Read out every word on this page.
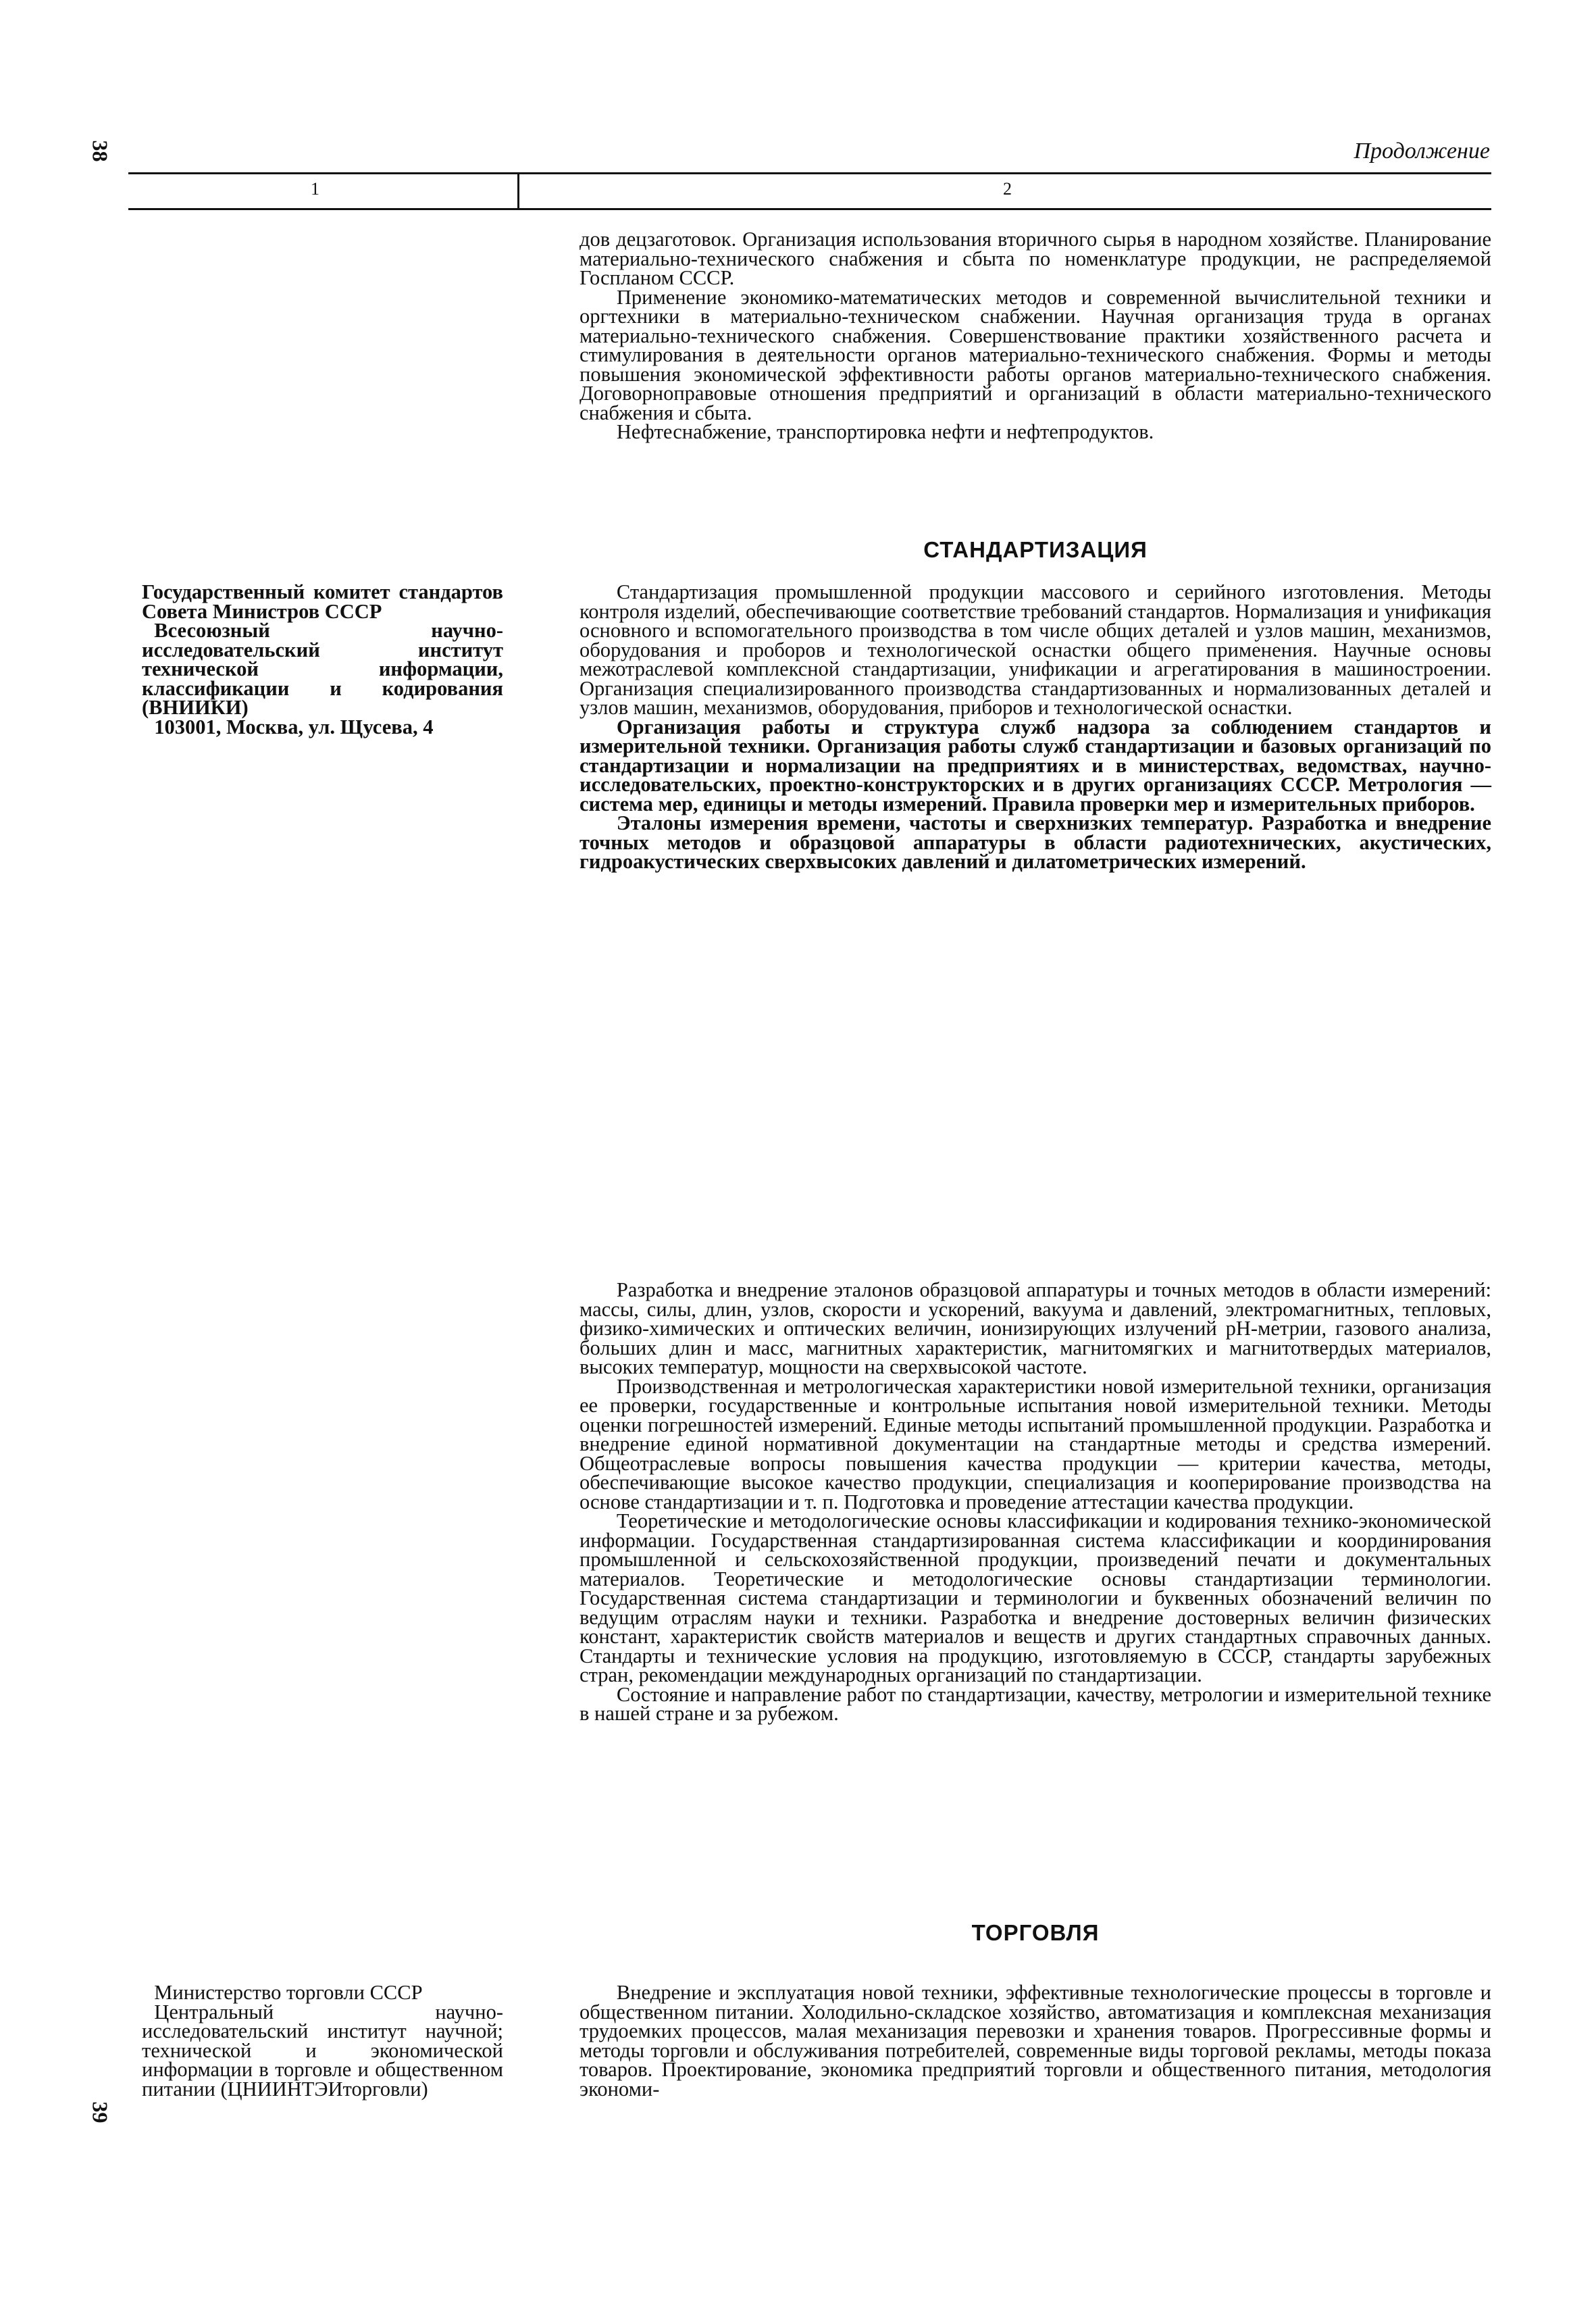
38
39
Продолжение
1	2

дов децзаготовок. Организация использования вторичного сырья в народном хозяйстве. Планирование материально-технического снабжения и сбыта по номенклатуре продукции, не распределяемой Госпланом СССР.

Применение экономико-математических методов и современной вычислительной техники и оргтехники в материально-техническом снабжении. Научная организация труда в органах материально-технического снабжения. Совершенствование практики хозяйственного расчета и стимулирования в деятельности органов материально-технического снабжения. Формы и методы повышения экономической эффективности работы органов материально-технического снабжения. Договорноправовые отношения предприятий и организаций в области материально-технического снабжения и сбыта.

Нефтеснабжение, транспортировка нефти и нефтепродуктов.

СТАНДАРТИЗАЦИЯ

Государственный комитет стандартов Совета Министров СССР

Всесоюзный научно-исследовательский институт технической информации, классификации и кодирования (ВНИИКИ)

103001, Москва, ул. Щусева, 4

Стандартизация промышленной продукции массового и серийного изготовления. Методы контроля изделий, обеспечивающие соответствие требований стандартов. Нормализация и унификация основного и вспомогательного производства в том числе общих деталей и узлов машин, механизмов, оборудования и проборов и технологической оснастки общего применения. Научные основы межотраслевой комплексной стандартизации, унификации и агрегатирования в машиностроении. Организация специализированного производства стандартизованных и нормализованных деталей и узлов машин, механизмов, оборудования, приборов и технологической оснастки.

Организация работы и структура служб надзора за соблюдением стандартов и измерительной техники. Организация работы служб стандартизации и базовых организаций по стандартизации и нормализации на предприятиях и в министерствах, ведомствах, научно-исследовательских, проектно-конструкторских и в других организациях СССР. Метрология — система мер, единицы и методы измерений. Правила проверки мер и измерительных приборов.

Эталоны измерения времени, частоты и сверхнизких температур. Разработка и внедрение точных методов и образцовой аппаратуры в области радиотехнических, акустических, гидроакустических сверхвысоких давлений и дилатометрических измерений.

Разработка и внедрение эталонов образцовой аппаратуры и точных методов в области измерений: массы, силы, длин, узлов, скорости и ускорений, вакуума и давлений, электромагнитных, тепловых, физико-химических и оптических величин, ионизирующих излучений pH-метрии, газового анализа, больших длин и масс, магнитных характеристик, магнитомягких и магнитотвердых материалов, высоких температур, мощности на сверхвысокой частоте.

Производственная и метрологическая характеристики новой измерительной техники, организация ее проверки, государственные и контрольные испытания новой измерительной техники. Методы оценки погрешностей измерений. Единые методы испытаний промышленной продукции. Разработка и внедрение единой нормативной документации на стандартные методы и средства измерений. Общеотраслевые вопросы повышения качества продукции — критерии качества, методы, обеспечивающие высокое качество продукции, специализация и кооперирование производства на основе стандартизации и т. п. Подготовка и проведение аттестации качества продукции.

Теоретические и методологические основы классификации и кодирования технико-экономической информации. Государственная стандартизированная система классификации и координирования промышленной и сельскохозяйственной продукции, произведений печати и документальных материалов. Теоретические и методологические основы стандартизации терминологии. Государственная система стандартизации и терминологии и буквенных обозначений величин по ведущим отраслям науки и техники. Разработка и внедрение достоверных величин физических констант, характеристик свойств материалов и веществ и других стандартных справочных данных. Стандарты и технические условия на продукцию, изготовляемую в СССР, стандарты зарубежных стран, рекомендации международных организаций по стандартизации.

Состояние и направление работ по стандартизации, качеству, метрологии и измерительной технике в нашей стране и за рубежом.

ТОРГОВЛЯ

Министерство торговли СССР

Центральный научно-исследовательский институт научной; технической и экономической информации в торговле и общественном питании (ЦНИИНТЭИторговли)

Внедрение и эксплуатация новой техники, эффективные технологические процессы в торговле и общественном питании. Холодильно-складское хозяйство, автоматизация и комплексная механизация трудоемких процессов, малая механизация перевозки и хранения товаров. Прогрессивные формы и методы торговли и обслуживания потребителей, современные виды торговой рекламы, методы показа товаров. Проектирование, экономика предприятий торговли и общественного питания, методология экономи-
